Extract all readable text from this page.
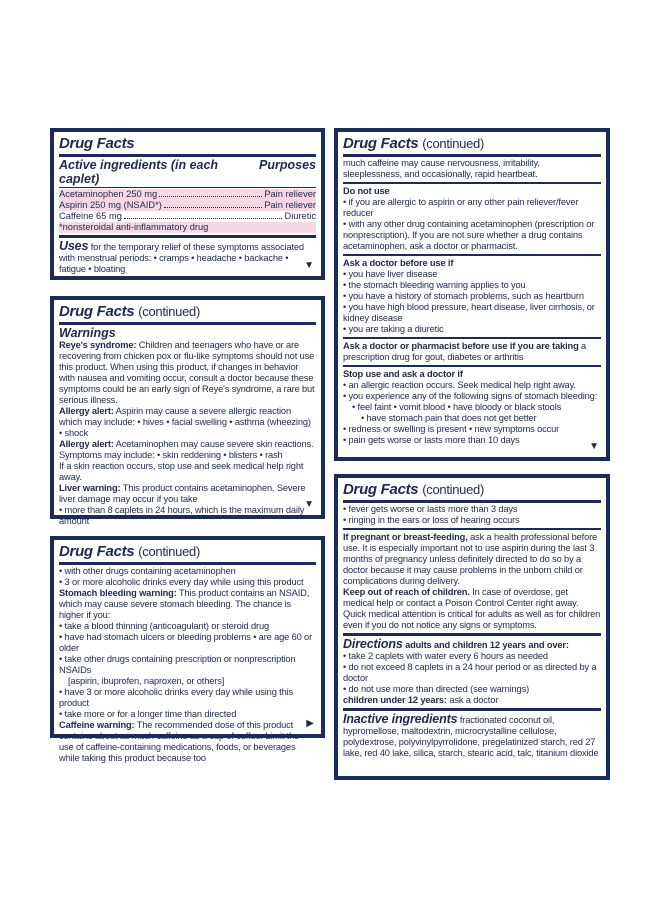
Drug Facts
Active ingredients (in each caplet)
Purposes
Acetaminophen 250 mg	Pain reliever
Aspirin 250 mg (NSAID*)	Pain reliever
Caffeine 65 mg	Diuretic
*nonsteroidal anti-inflammatory drug
Uses for the temporary relief of these symptoms associated with menstrual periods: • cramps • headache • backache • fatigue • bloating	▼
Drug Facts (continued)
Warnings
Reye's syndrome: Children and teenagers who have or are recovering from chicken pox or flu-like symptoms should not use this product. When using this product, if changes in behavior with nausea and vomiting occur, consult a doctor because these symptoms could be an early sign of Reye's syndrome, a rare but serious illness.
Allergy alert: Aspirin may cause a severe allergic reaction which may include: • hives • facial swelling • asthma (wheezing) • shock
Allergy alert: Acetaminophen may cause severe skin reactions. Symptoms may include: • skin reddening • blisters • rash
If a skin reaction occurs, stop use and seek medical help right away.
Liver warning: This product contains acetaminophen. Severe liver damage may occur if you take
• more than 8 caplets in 24 hours, which is the maximum daily amount
▼
Drug Facts (continued)
• with other drugs containing acetaminophen
• 3 or more alcoholic drinks every day while using this product
Stomach bleeding warning: This product contains an NSAID, which may cause severe stomach bleeding. The chance is higher if you:
• take a blood thinning (anticoagulant) or steroid drug
• have had stomach ulcers or bleeding problems • are age 60 or older
• take other drugs containing prescription or nonprescription NSAIDs
[aspirin, ibuprofen, naproxen, or others]
• have 3 or more alcoholic drinks every day while using this product
• take more or for a longer time than directed
Caffeine warning: The recommended dose of this product contains about as much caffeine as a cup of coffee. Limit the use of caffeine-containing medications, foods, or beverages while taking this product because too
▶
Drug Facts (continued)
much caffeine may cause nervousness, irritability, sleeplessness, and occasionally, rapid heartbeat.
Do not use
• if you are allergic to aspirin or any other pain reliever/fever reducer
• with any other drug containing acetaminophen (prescription or nonprescription). If you are not sure whether a drug contains acetaminophen, ask a doctor or pharmacist.
Ask a doctor before use if
• you have liver disease
• the stomach bleeding warning applies to you
• you have a history of stomach problems, such as heartburn
• you have high blood pressure, heart disease, liver cirrhosis, or kidney disease
• you are taking a diuretic
Ask a doctor or pharmacist before use if you are taking a prescription drug for gout, diabetes or arthritis
Stop use and ask a doctor if
• an allergic reaction occurs. Seek medical help right away.
• you experience any of the following signs of stomach bleeding:
• feel faint • vomit blood • have bloody or black stools
• have stomach pain that does not get better
• redness or swelling is present • new symptoms occur
• pain gets worse or lasts more than 10 days
▼
Drug Facts (continued)
• fever gets worse or lasts more than 3 days
• ringing in the ears or loss of hearing occurs
If pregnant or breast-feeding, ask a health professional before use. It is especially important not to use aspirin during the last 3 months of pregnancy unless definitely directed to do so by a doctor because it may cause problems in the unborn child or complications during delivery.
Keep out of reach of children. In case of overdose, get medical help or contact a Poison Control Center right away. Quick medical attention is critical for adults as well as for children even if you do not notice any signs or symptoms.
Directions adults and children 12 years and over:
• take 2 caplets with water every 6 hours as needed
• do not exceed 8 caplets in a 24 hour period or as directed by a doctor
• do not use more than directed (see warnings)
children under 12 years: ask a doctor
Inactive ingredients fractionated coconut oil, hypromellose, maltodextrin, microcrystalline cellulose, polydextrose, polyvinylpyrrolidone, pregelatinized starch, red 27 lake, red 40 lake, silica, starch, stearic acid, talc, titanium dioxide
